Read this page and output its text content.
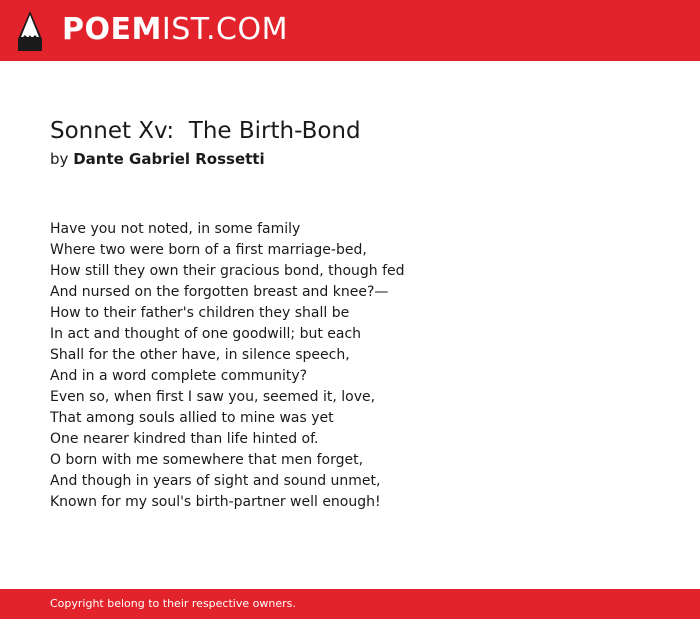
POEMIST.COM
Sonnet Xv:  The Birth-Bond
by Dante Gabriel Rossetti
Have you not noted, in some family
Where two were born of a first marriage-bed,
How still they own their gracious bond, though fed
And nursed on the forgotten breast and knee?—
How to their father's children they shall be
In act and thought of one goodwill; but each
Shall for the other have, in silence speech,
And in a word complete community?
Even so, when first I saw you, seemed it, love,
That among souls allied to mine was yet
One nearer kindred than life hinted of.
O born with me somewhere that men forget,
And though in years of sight and sound unmet,
Known for my soul's birth-partner well enough!
Copyright belong to their respective owners.
